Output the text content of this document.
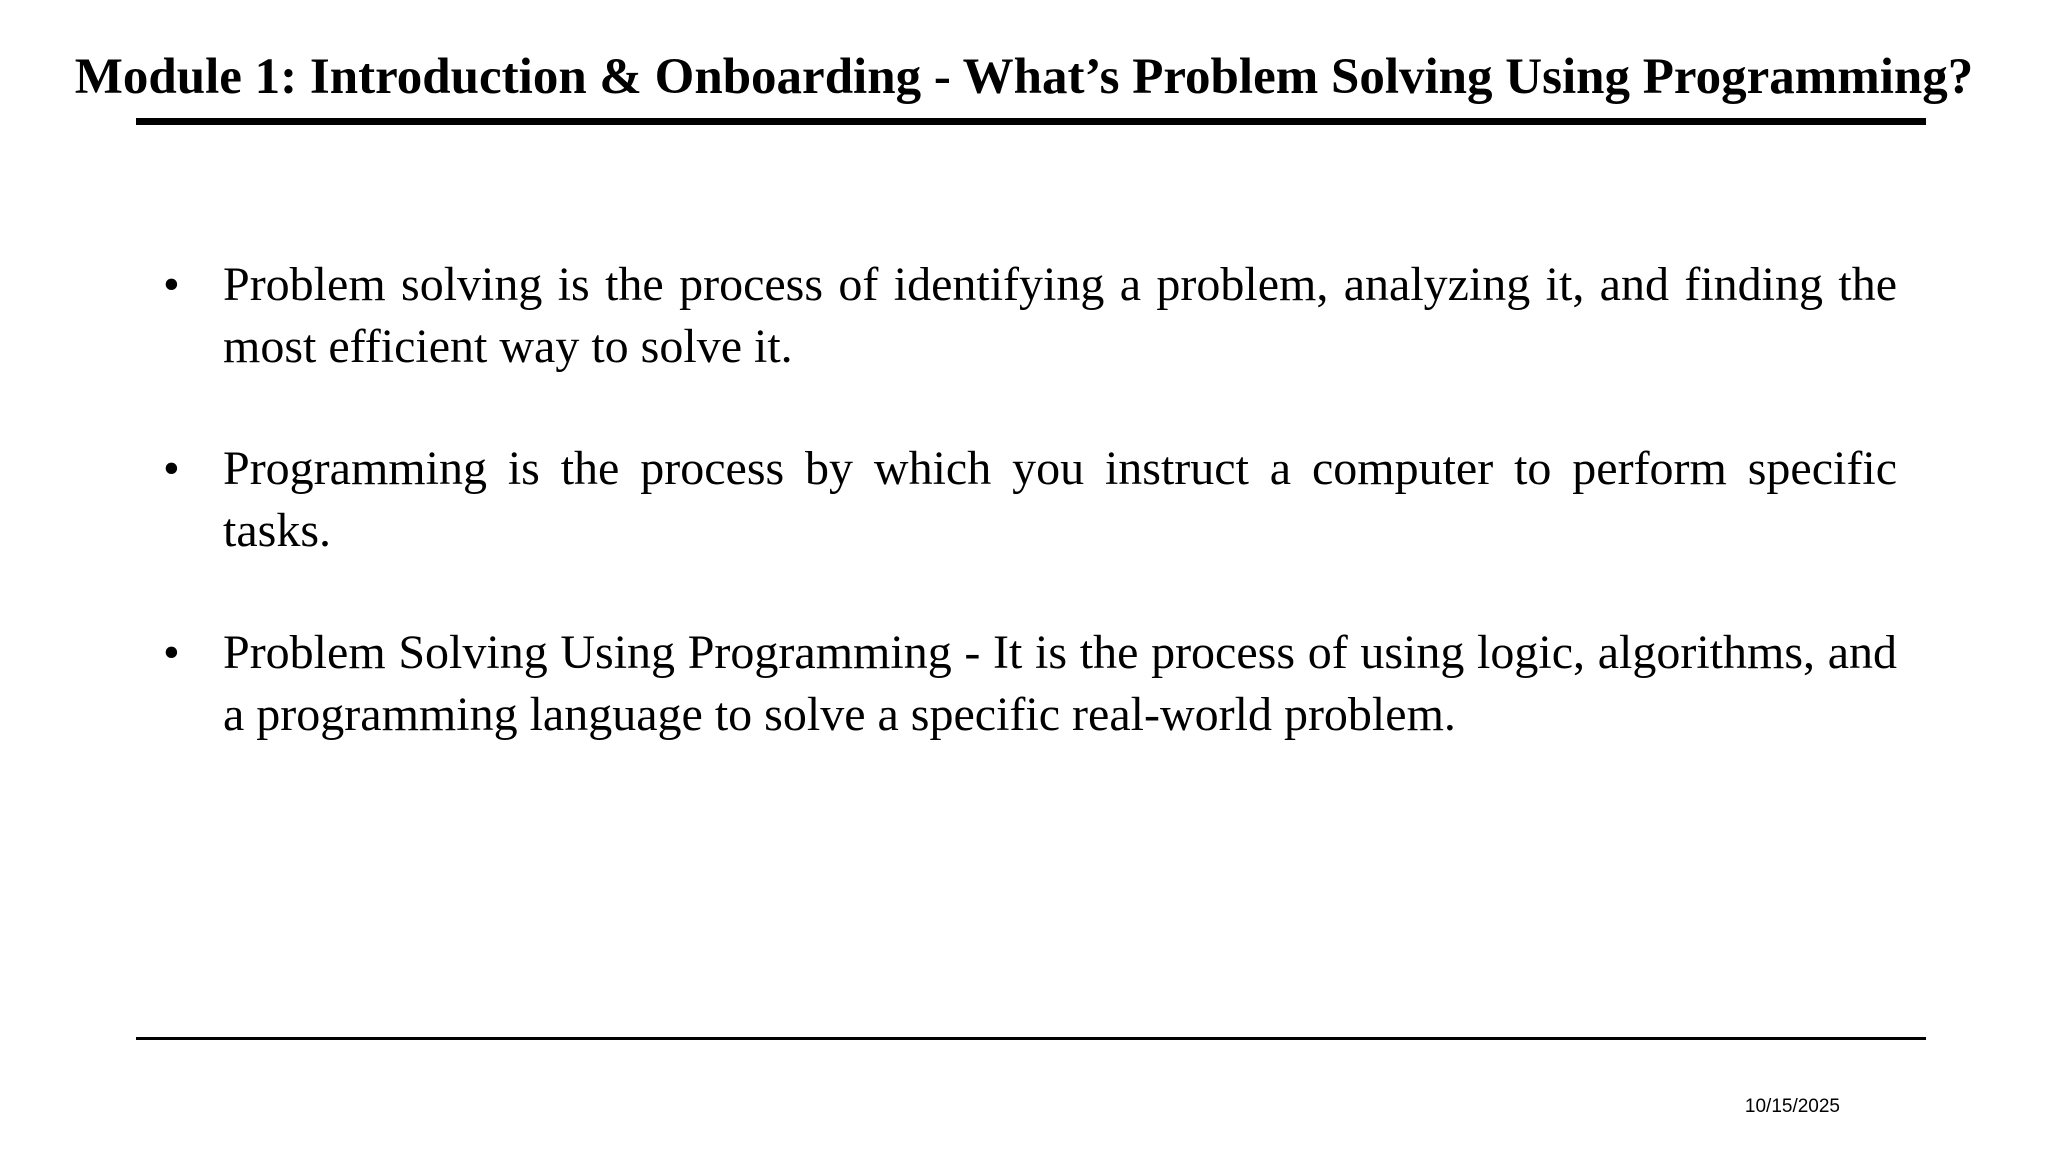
Module 1: Introduction & Onboarding - What’s Problem Solving Using Programming?
• Problem solving is the process of identifying a problem, analyzing it, and finding the most efficient way to solve it.
• Programming is the process by which you instruct a computer to perform specific tasks.
• Problem Solving Using Programming - It is the process of using logic, algorithms, and a programming language to solve a specific real-world problem.
10/15/2025
